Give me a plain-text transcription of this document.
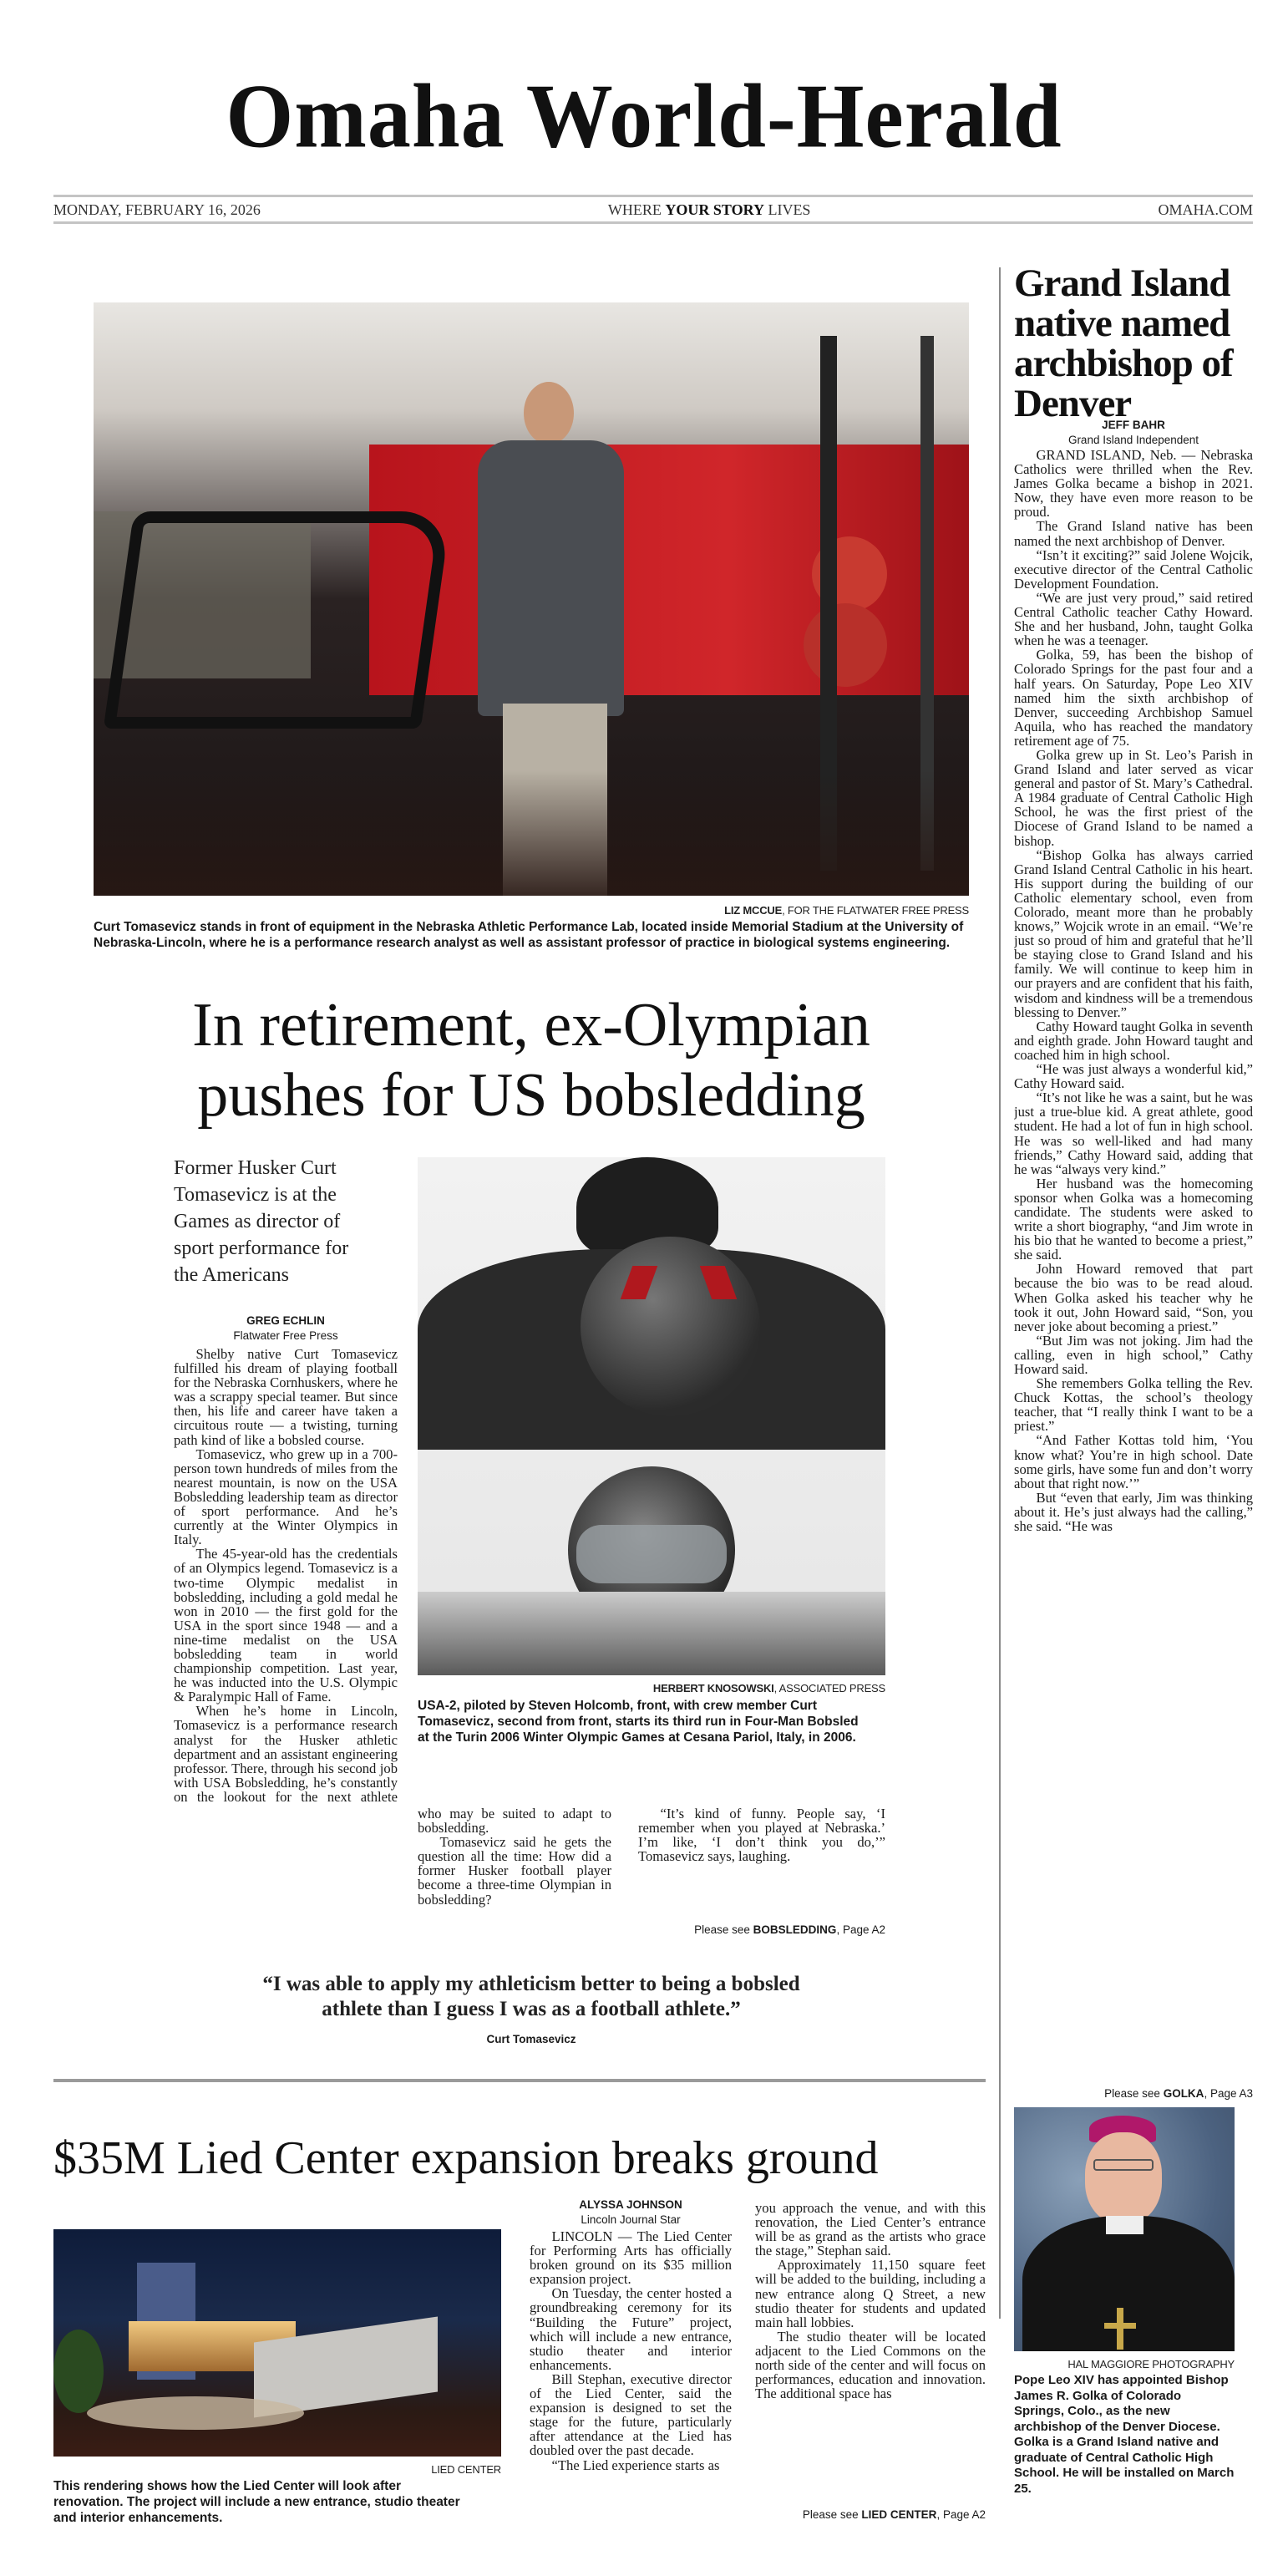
Omaha World-Herald
MONDAY, FEBRUARY 16, 2026	WHERE YOUR STORY LIVES	OMAHA.COM
LIZ MCCUE, FOR THE FLATWATER FREE PRESS
Curt Tomasevicz stands in front of equipment in the Nebraska Athletic Performance Lab, located inside Memorial Stadium at the University of Nebraska-Lincoln, where he is a performance research analyst as well as assistant professor of practice in biological systems engineering.
In retirement, ex-Olympian
pushes for US bobsledding
Former Husker Curt Tomasevicz is at the Games as director of sport performance for the Americans
GREG ECHLIN
Flatwater Free Press

Shelby native Curt Tomasevicz fulfilled his dream of playing football for the Nebraska Cornhuskers, where he was a scrappy special teamer. But since then, his life and career have taken a circuitous route — a twisting, turning path kind of like a bobsled course.

Tomasevicz, who grew up in a 700-person town hundreds of miles from the nearest mountain, is now on the USA Bobsledding leadership team as director of sport performance. And he’s currently at the Winter Olympics in Italy.

The 45-year-old has the credentials of an Olympics legend. Tomasevicz is a two-time Olympic medalist in bobsledding, including a gold medal he won in 2010 — the first gold for the USA in the sport since 1948 — and a nine-time medalist on the USA bobsledding team in world championship competition. Last year, he was inducted into the U.S. Olympic & Paralympic Hall of Fame.

When he’s home in Lincoln, Tomasevicz is a performance research analyst for the Husker athletic department and an assistant engineering professor. There, through his second job with USA Bobsledding, he’s constantly on the lookout for the next athlete

HERBERT KNOSOWSKI, ASSOCIATED PRESS
USA-2, piloted by Steven Holcomb, front, with crew member Curt Tomasevicz, second from front, starts its third run in Four-Man Bobsled at the Turin 2006 Winter Olympic Games at Cesana Pariol, Italy, in 2006.

who may be suited to adapt to bobsledding.

Tomasevicz said he gets the question all the time: How did a former Husker football player become a three-time Olympian in bobsledding?

“It’s kind of funny. People say, ‘I remember when you played at Nebraska.’ I’m like, ‘I don’t think you do,’” Tomasevicz says, laughing.

Please see BOBSLEDDING, Page A2
“I was able to apply my athleticism better to being a bobsled athlete than I guess I was as a football athlete.”
Curt Tomasevicz
$35M Lied Center expansion breaks ground
LIED CENTER
This rendering shows how the Lied Center will look after renovation. The project will include a new entrance, studio theater and interior enhancements.
ALYSSA JOHNSON
Lincoln Journal Star

LINCOLN — The Lied Center for Performing Arts has officially broken ground on its $35 million expansion project.

On Tuesday, the center hosted a groundbreaking ceremony for its “Building the Future” project, which will include a new entrance, studio theater and interior enhancements.

Bill Stephan, executive director of the Lied Center, said the expansion is designed to set the stage for the future, particularly after attendance at the Lied has doubled over the past decade.

“The Lied experience starts as

you approach the venue, and with this renovation, the Lied Center’s entrance will be as grand as the artists who grace the stage,” Stephan said.

Approximately 11,150 square feet will be added to the building, including a new entrance along Q Street, a new studio theater for students and updated main hall lobbies.

The studio theater will be located adjacent to the Lied Commons on the north side of the center and will focus on performances, education and innovation. The additional space has

Please see LIED CENTER, Page A2
Grand Island native named archbishop of Denver
JEFF BAHR
Grand Island Independent

GRAND ISLAND, Neb. — Nebraska Catholics were thrilled when the Rev. James Golka became a bishop in 2021. Now, they have even more reason to be proud.

The Grand Island native has been named the next archbishop of Denver.

“Isn’t it exciting?” said Jolene Wojcik, executive director of the Central Catholic Development Foundation.

“We are just very proud,” said retired Central Catholic teacher Cathy Howard. She and her husband, John, taught Golka when he was a teenager.

Golka, 59, has been the bishop of Colorado Springs for the past four and a half years. On Saturday, Pope Leo XIV named him the sixth archbishop of Denver, succeeding Archbishop Samuel Aquila, who has reached the mandatory retirement age of 75.

Golka grew up in St. Leo’s Parish in Grand Island and later served as vicar general and pastor of St. Mary’s Cathedral. A 1984 graduate of Central Catholic High School, he was the first priest of the Diocese of Grand Island to be named a bishop.

“Bishop Golka has always carried Grand Island Central Catholic in his heart. His support during the building of our Catholic elementary school, even from Colorado, meant more than he probably knows,” Wojcik wrote in an email. “We’re just so proud of him and grateful that he’ll be staying close to Grand Island and his family. We will continue to keep him in our prayers and are confident that his faith, wisdom and kindness will be a tremendous blessing to Denver.”

Cathy Howard taught Golka in seventh and eighth grade. John Howard taught and coached him in high school.

“He was just always a wonderful kid,” Cathy Howard said.

“It’s not like he was a saint, but he was just a true-blue kid. A great athlete, good student. He had a lot of fun in high school. He was so well-liked and had many friends,” Cathy Howard said, adding that he was “always very kind.”

Her husband was the homecoming sponsor when Golka was a homecoming candidate. The students were asked to write a short biography, “and Jim wrote in his bio that he wanted to become a priest,” she said.

John Howard removed that part because the bio was to be read aloud. When Golka asked his teacher why he took it out, John Howard said, “Son, you never joke about becoming a priest.”

“But Jim was not joking. Jim had the calling, even in high school,” Cathy Howard said.

She remembers Golka telling the Rev. Chuck Kottas, the school’s theology teacher, that “I really think I want to be a priest.”

“And Father Kottas told him, ‘You know what? You’re in high school. Date some girls, have some fun and don’t worry about that right now.’”

But “even that early, Jim was thinking about it. He’s just always had the calling,” she said. “He was

Please see GOLKA, Page A3
HAL MAGGIORE PHOTOGRAPHY
Pope Leo XIV has appointed Bishop James R. Golka of Colorado Springs, Colo., as the new archbishop of the Denver Diocese. Golka is a Grand Island native and graduate of Central Catholic High School. He will be installed on March 25.
